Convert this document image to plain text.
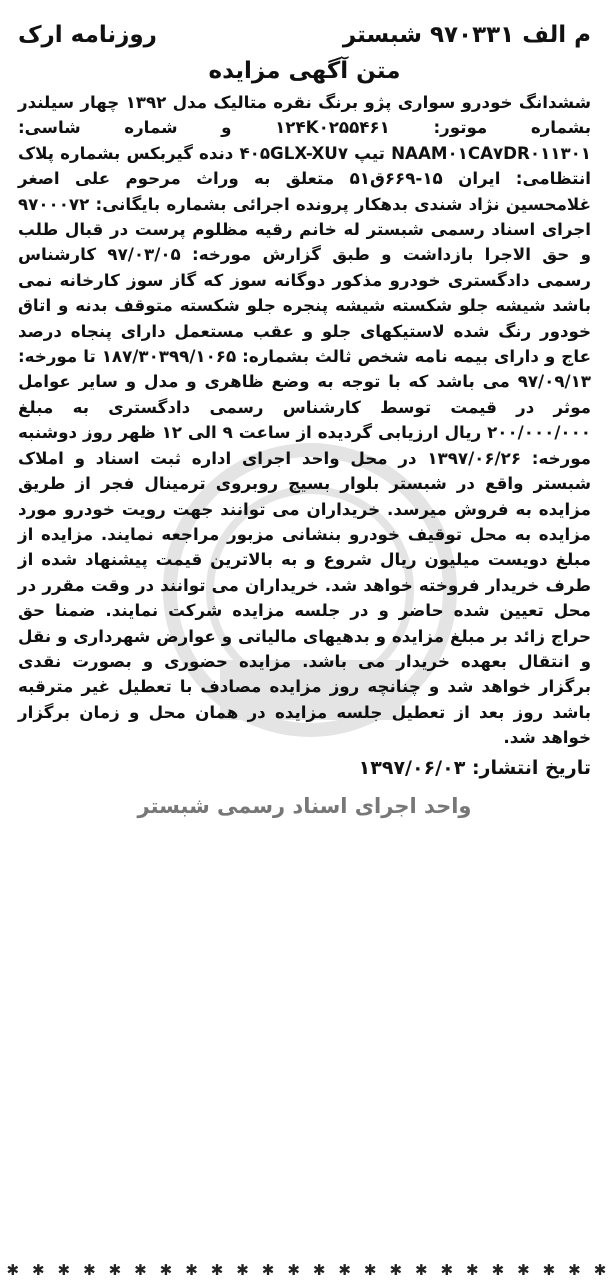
م الف ۹۷۰۳۳۱ شبستر
روزنامه ارک
متن آگهی مزایده
ششدانگ خودرو سواری پژو برنگ نقره متالیک مدل ۱۳۹۲ چهار سیلندر بشماره موتور: ۱۲۴K۰۲۵۵۴۶۱ و شماره شاسی: NAAM۰۱CA۷DR۰۱۱۳۰۱ تیپ ۴۰۵GLX-XU۷ دنده گیربکس بشماره پلاک انتظامی: ایران ۱۵-۶۶۹ق۵۱ متعلق به وراث مرحوم علی اصغر غلامحسین نژاد شندی بدهکار پرونده اجرائی بشماره بایگانی: ۹۷۰۰۰۷۲ اجرای اسناد رسمی شبستر له خانم رقیه مظلوم پرست در قبال طلب و حق الاجرا بازداشت و طبق گزارش مورخه: ۹۷/۰۳/۰۵ کارشناس رسمی دادگستری خودرو مذکور دوگانه سوز که گاز سوز کارخانه نمی باشد شیشه جلو شکسته شیشه پنجره جلو شکسته متوقف بدنه و اتاق خودور رنگ شده لاستیکهای جلو و عقب مستعمل دارای پنجاه درصد عاج و دارای بیمه نامه شخص ثالث بشماره: ۱۸۷/۳۰۳۹۹/۱۰۶۵ تا مورخه: ۹۷/۰۹/۱۳ می باشد که با توجه به وضع ظاهری و مدل و سایر عوامل موثر در قیمت توسط کارشناس رسمی دادگستری به مبلغ ۲۰۰/۰۰۰/۰۰۰ ریال ارزیابی گردیده از ساعت ۹ الی ۱۲ ظهر روز دوشنبه مورخه: ۱۳۹۷/۰۶/۲۶ در محل واحد اجرای اداره ثبت اسناد و املاک شبستر واقع در شبستر بلوار بسیج روبروی ترمینال فجر از طریق مزایده به فروش میرسد. خریداران می توانند جهت رویت خودرو مورد مزایده به محل توقیف خودرو بنشانی مزبور مراجعه نمایند. مزایده از مبلغ دویست میلیون ریال شروع و به بالاترین قیمت پیشنهاد شده از طرف خریدار فروخته خواهد شد. خریداران می توانند در وقت مقرر در محل تعیین شده حاضر و در جلسه مزایده شرکت نمایند. ضمنا حق حراج زائد بر مبلغ مزایده و بدهیهای مالیاتی و عوارض شهرداری و نقل و انتقال بعهده خریدار می باشد. مزایده حضوری و بصورت نقدی برگزار خواهد شد و چنانچه روز مزایده مصادف با تعطیل غیر مترقبه باشد روز بعد از تعطیل جلسه مزایده در همان محل و زمان برگزار خواهد شد.
تاریخ انتشار: ۱۳۹۷/۰۶/۰۳
واحد اجرای اسناد رسمی شبستر
✱ ✱ ✱ ✱ ✱ ✱ ✱ ✱ ✱ ✱ ✱ ✱ ✱ ✱ ✱ ✱ ✱ ✱ ✱ ✱ ✱ ✱ ✱ ✱
